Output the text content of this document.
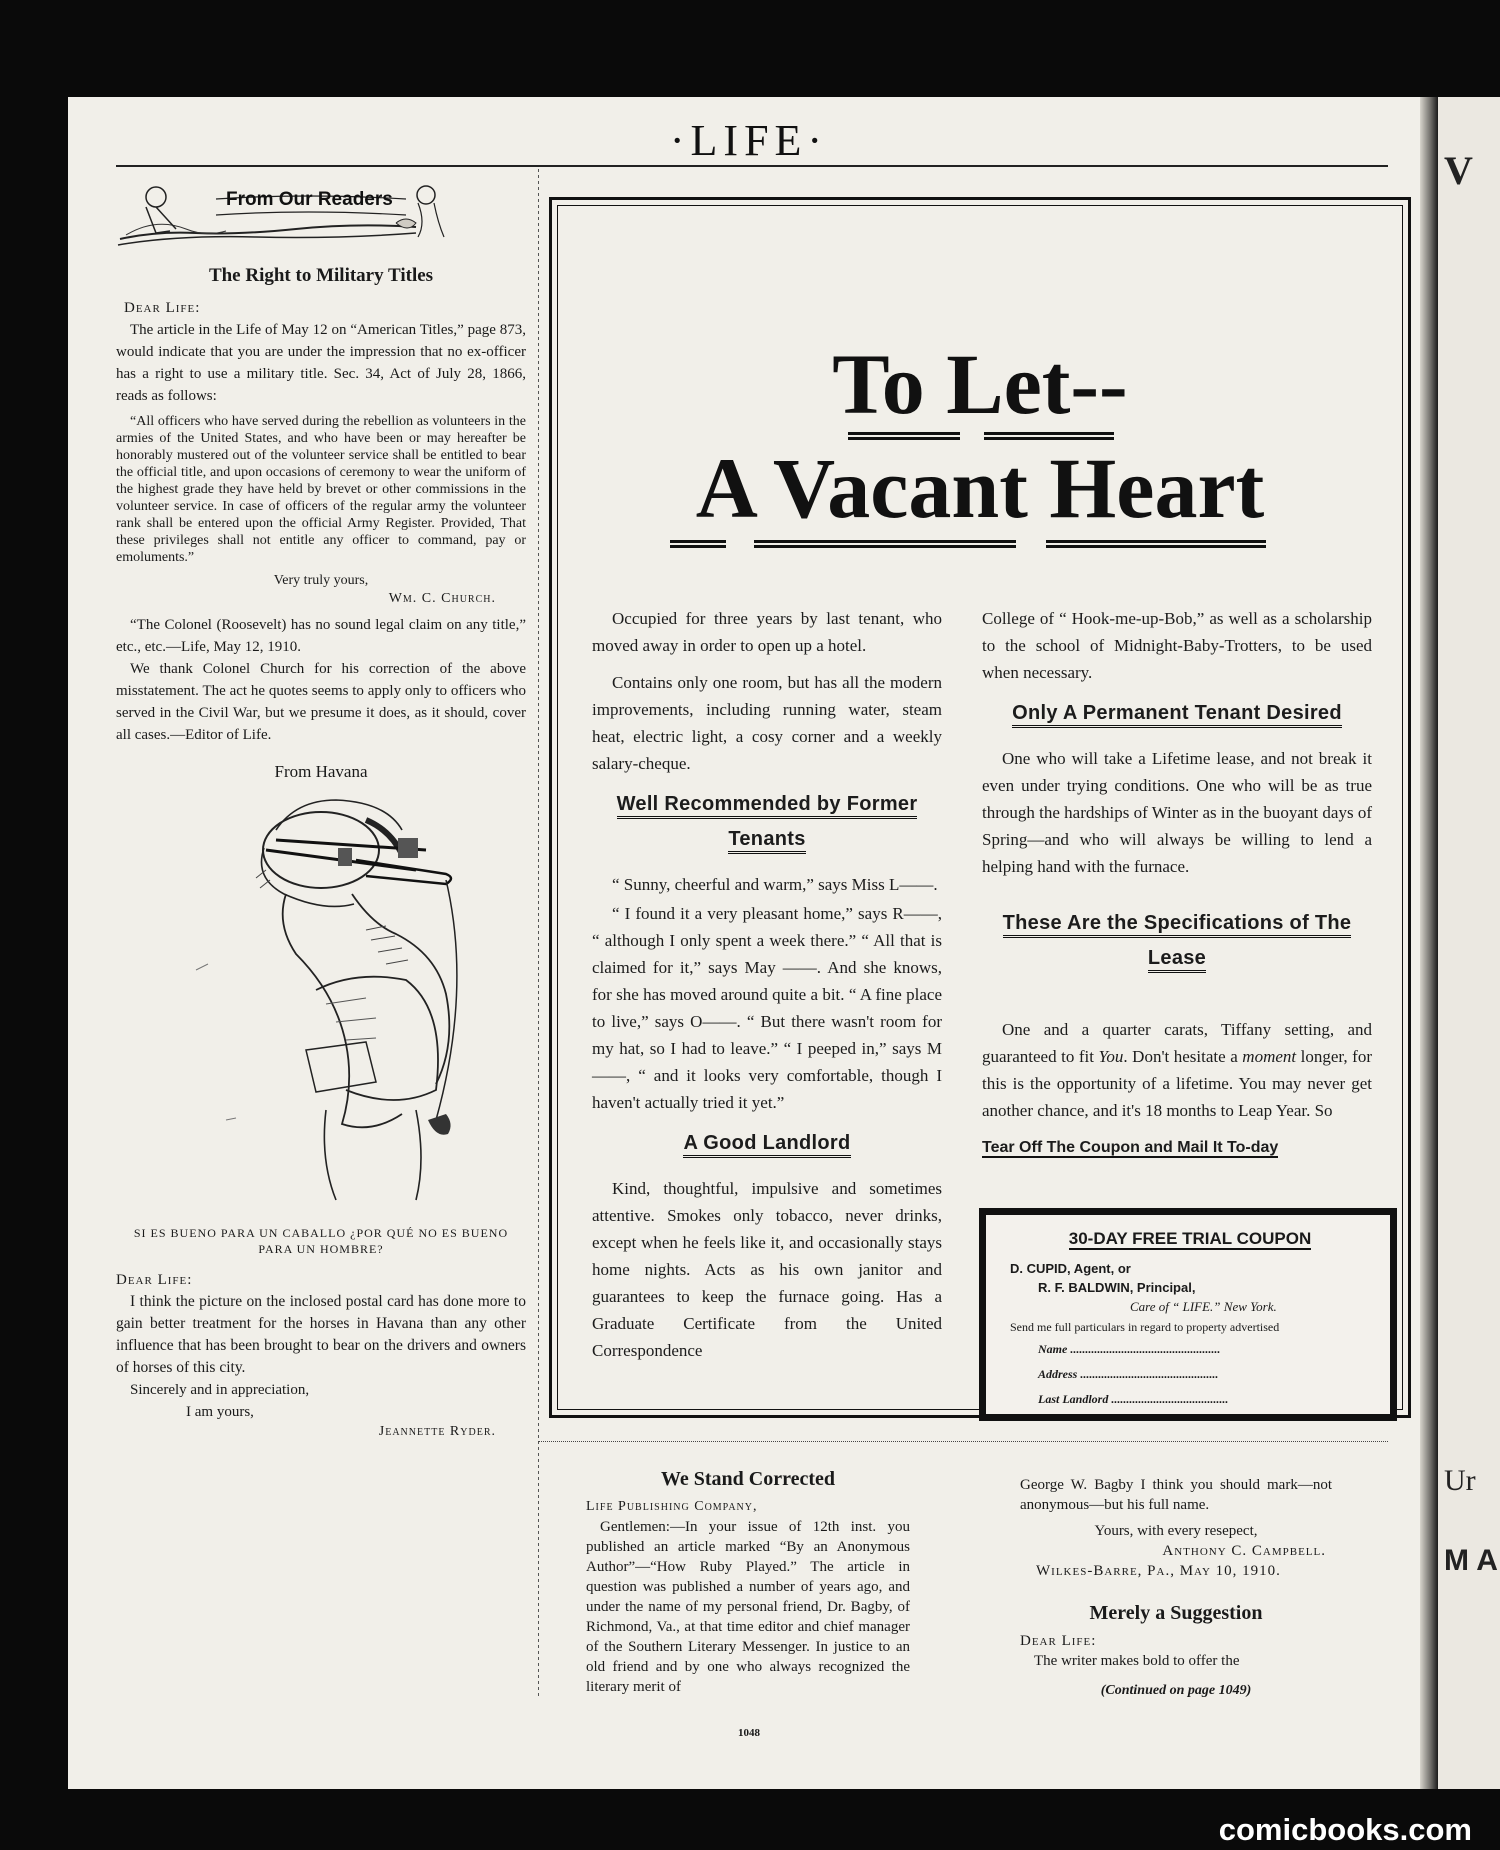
·LIFE·
From Our Readers
The Right to Military Titles
Dear Life:
The article in the Life of May 12 on “American Titles,” page 873, would indicate that you are under the impression that no ex-officer has a right to use a military title. Sec. 34, Act of July 28, 1866, reads as follows:
“All officers who have served during the rebellion as volunteers in the armies of the United States, and who have been or may hereafter be honorably mustered out of the volunteer service shall be entitled to bear the official title, and upon occasions of ceremony to wear the uniform of the highest grade they have held by brevet or other commissions in the volunteer service. In case of officers of the regular army the volunteer rank shall be entered upon the official Army Register. Provided, That these privileges shall not entitle any officer to command, pay or emoluments.”
Very truly yours,
Wm. C. Church.
“The Colonel (Roosevelt) has no sound legal claim on any title,” etc., etc.—Life, May 12, 1910.
We thank Colonel Church for his correction of the above misstatement. The act he quotes seems to apply only to officers who served in the Civil War, but we presume it does, as it should, cover all cases.—Editor of Life.
From Havana
SI ES BUENO PARA UN CABALLO ¿POR QUÉ NO ES BUENO PARA UN HOMBRE?
Dear Life:
I think the picture on the inclosed postal card has done more to gain better treatment for the horses in Havana than any other influence that has been brought to bear on the drivers and owners of horses of this city.
Sincerely and in appreciation,
I am yours,
Jeannette Ryder.
To Let--
A Vacant Heart

Occupied for three years by last tenant, who moved away in order to open up a hotel.

Contains only one room, but has all the modern improvements, including running water, steam heat, electric light, a cosy corner and a weekly salary-cheque.

Well Recommended by Former Tenants

“ Sunny, cheerful and warm,” says Miss L——.

“ I found it a very pleasant home,” says R——, “ although I only spent a week there.” “ All that is claimed for it,” says May ——. And she knows, for she has moved around quite a bit. “ A fine place to live,” says O——. “ But there wasn't room for my hat, so I had to leave.” “ I peeped in,” says M——, “ and it looks very comfortable, though I haven't actually tried it yet.”

A Good Landlord

Kind, thoughtful, impulsive and sometimes attentive. Smokes only tobacco, never drinks, except when he feels like it, and occasionally stays home nights. Acts as his own janitor and guarantees to keep the furnace going. Has a Graduate Certificate from the United Correspondence

College of “ Hook-me-up-Bob,” as well as a scholarship to the school of Midnight-Baby-Trotters, to be used when necessary.

Only A Permanent Tenant Desired

One who will take a Lifetime lease, and not break it even under trying conditions. One who will be as true through the hardships of Winter as in the buoyant days of Spring—and who will always be willing to lend a helping hand with the furnace.

These Are the Specifications of The Lease

One and a quarter carats, Tiffany setting, and guaranteed to fit You. Don't hesitate a moment longer, for this is the opportunity of a lifetime. You may never get another chance, and it's 18 months to Leap Year. So

Tear Off The Coupon and Mail It To-day
We Stand Corrected
Life Publishing Company,
Gentlemen:—In your issue of 12th inst. you published an article marked “By an Anonymous Author”—“How Ruby Played.” The article in question was published a number of years ago, and under the name of my personal friend, Dr. Bagby, of Richmond, Va., at that time editor and chief manager of the Southern Literary Messenger. In justice to an old friend and by one who always recognized the literary merit of
George W. Bagby I think you should mark—not anonymous—but his full name.
Yours, with every resepect,
Anthony C. Campbell.
Wilkes-Barre, Pa., May 10, 1910.
Merely a Suggestion
Dear Life:
The writer makes bold to offer the
(Continued on page 1049)
1048
30-DAY FREE TRIAL COUPON
D. CUPID, Agent, or
R. F. BALDWIN, Principal,
Care of “ LIFE.” New York.
Send me full particulars in regard to property advertised
Name ..................................................
Address ..............................................
Last Landlord .......................................
V
Ur
M A
comicbooks.com
